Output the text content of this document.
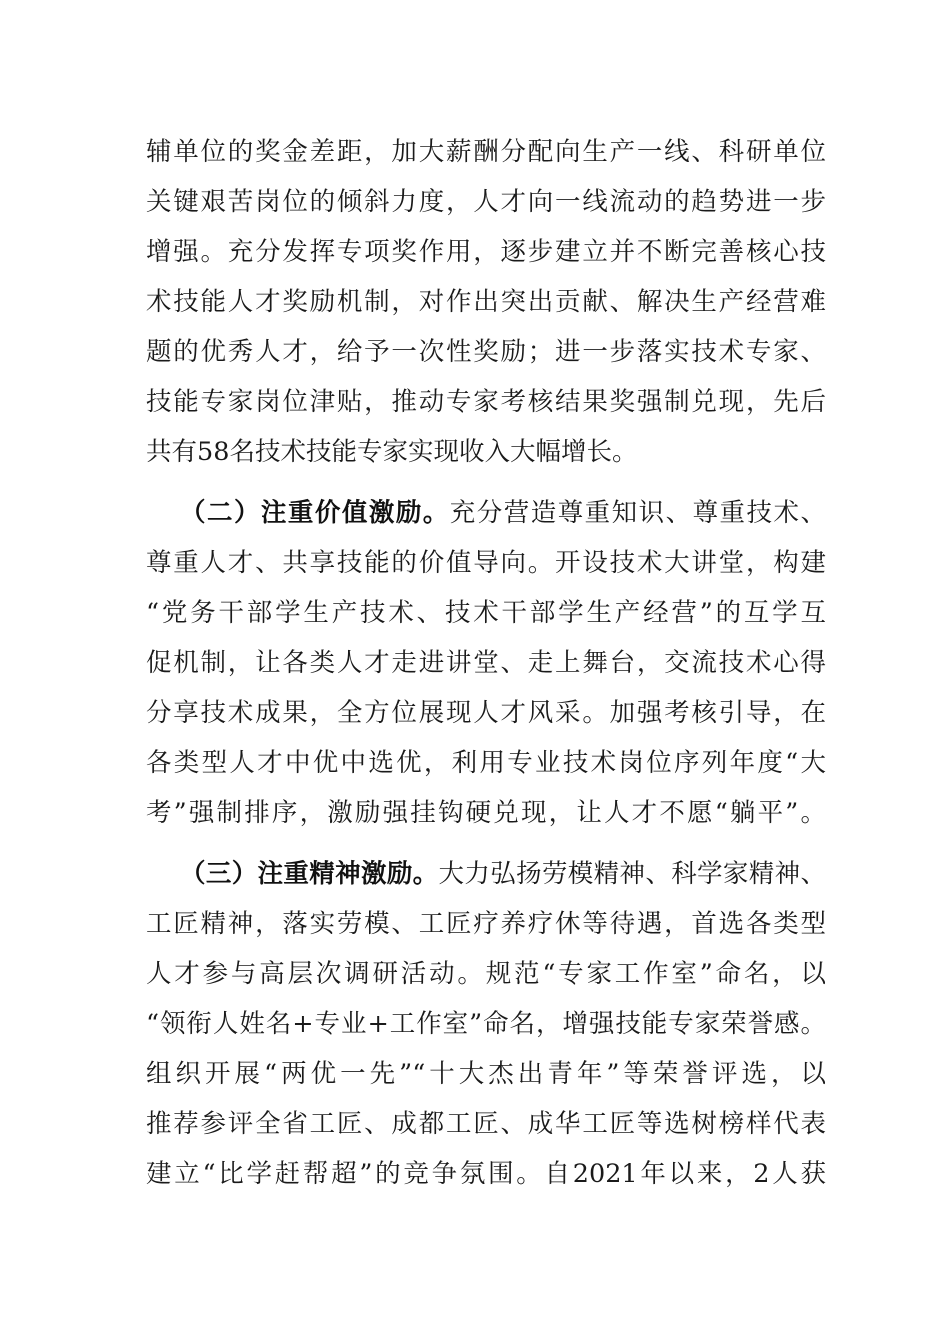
辅单位的奖金差距，加大薪酬分配向生产一线、科研单位
关键艰苦岗位的倾斜力度，人才向一线流动的趋势进一步
增强。充分发挥专项奖作用，逐步建立并不断完善核心技
术技能人才奖励机制，对作出突出贡献、解决生产经营难
题的优秀人才，给予一次性奖励；进一步落实技术专家、
技能专家岗位津贴，推动专家考核结果奖强制兑现，先后
共有58名技术技能专家实现收入大幅增长。
（二）注重价值激励。充分营造尊重知识、尊重技术、
尊重人才、共享技能的价值导向。开设技术大讲堂，构建
“党务干部学生产技术、技术干部学生产经营”的互学互
促机制，让各类人才走进讲堂、走上舞台，交流技术心得
分享技术成果，全方位展现人才风采。加强考核引导，在
各类型人才中优中选优，利用专业技术岗位序列年度“大
考”强制排序，激励强挂钩硬兑现，让人才不愿“躺平”。
（三）注重精神激励。大力弘扬劳模精神、科学家精神、
工匠精神，落实劳模、工匠疗养疗休等待遇，首选各类型
人才参与高层次调研活动。规范“专家工作室”命名，以
“领衔人姓名+专业+工作室”命名，增强技能专家荣誉感。
组织开展“两优一先”“十大杰出青年”等荣誉评选，以
推荐参评全省工匠、成都工匠、成华工匠等选树榜样代表
建立“比学赶帮超”的竞争氛围。自2021年以来，2人获
